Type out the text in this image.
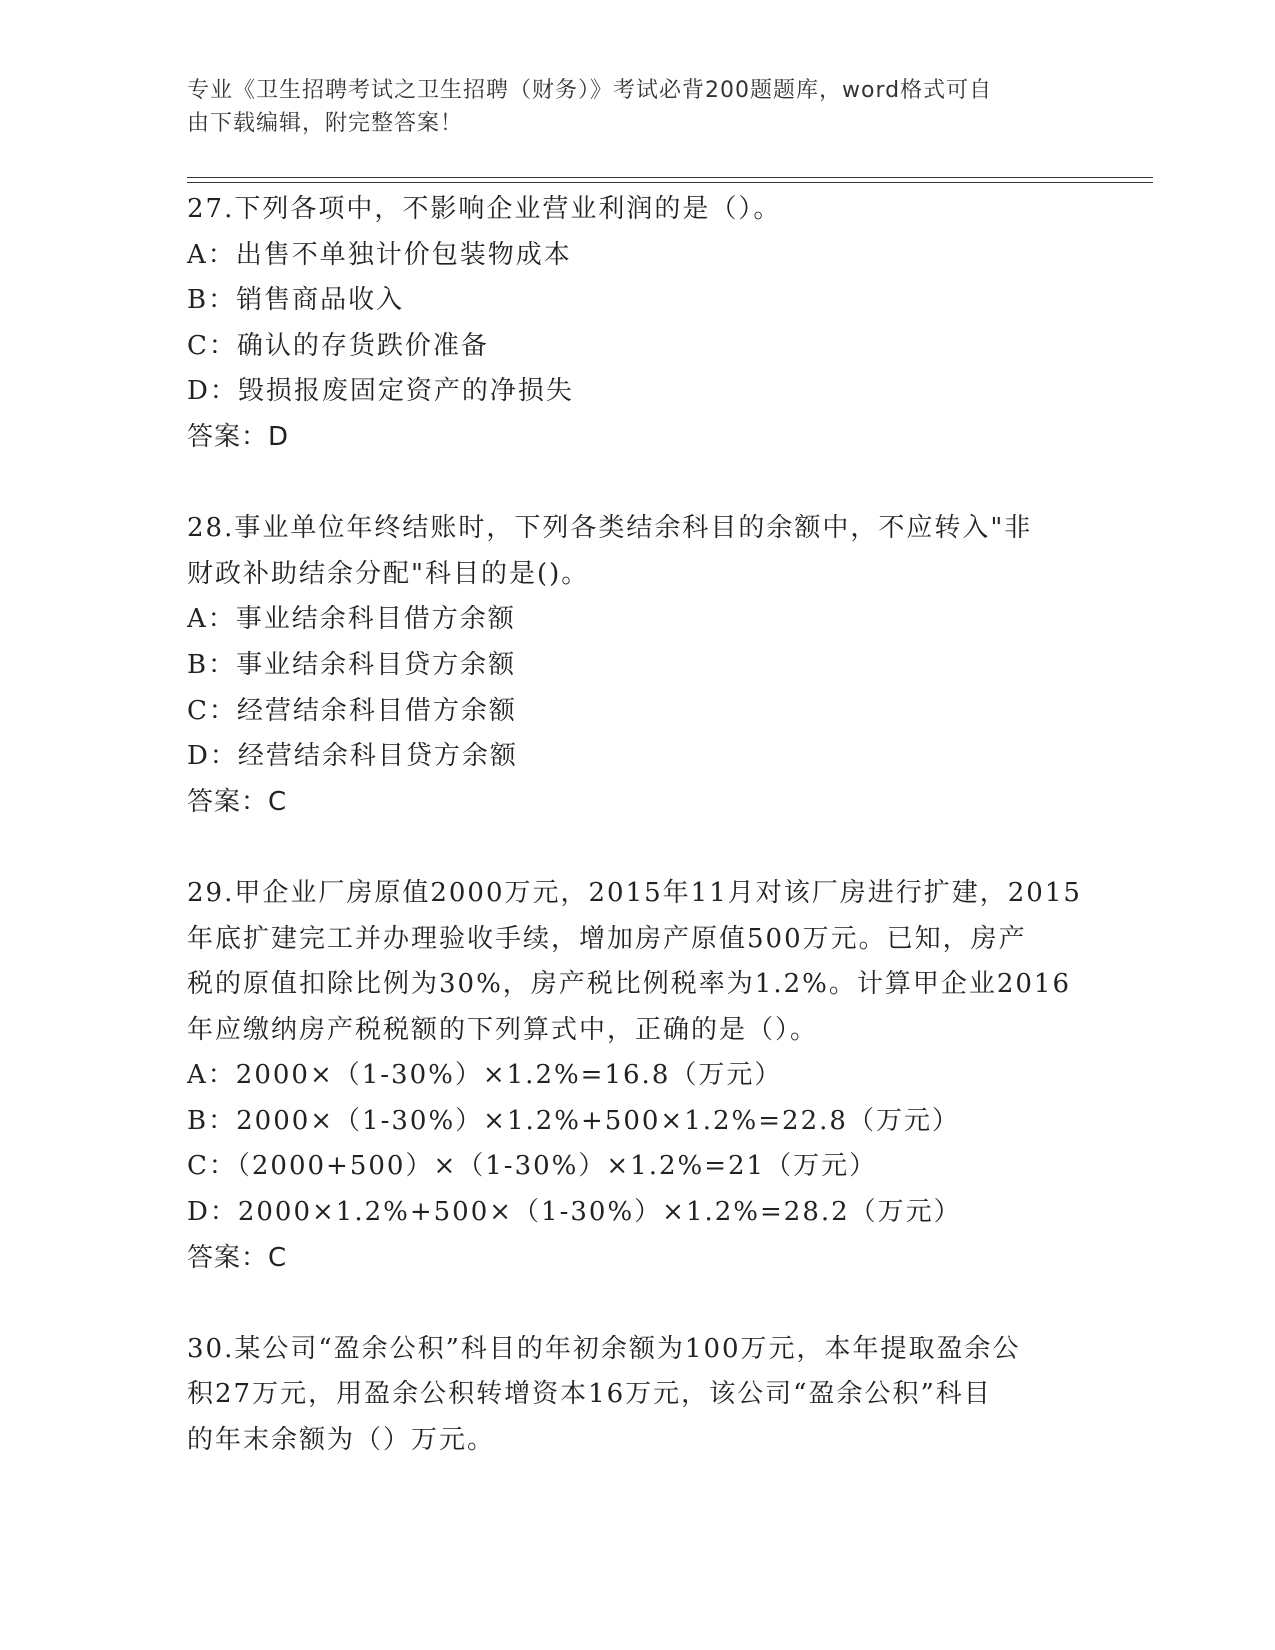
专业《卫生招聘考试之卫生招聘（财务）》考试必背200题题库，word格式可自
由下载编辑，附完整答案！
27.下列各项中，不影响企业营业利润的是（）。
A：出售不单独计价包装物成本
B：销售商品收入
C：确认的存货跌价准备
D：毁损报废固定资产的净损失
答案：D
28.事业单位年终结账时，下列各类结余科目的余额中，不应转入"非
财政补助结余分配"科目的是()。
A：事业结余科目借方余额
B：事业结余科目贷方余额
C：经营结余科目借方余额
D：经营结余科目贷方余额
答案：C
29.甲企业厂房原值2000万元，2015年11月对该厂房进行扩建，2015
年底扩建完工并办理验收手续，增加房产原值500万元。已知，房产
税的原值扣除比例为30%，房产税比例税率为1.2%。计算甲企业2016
年应缴纳房产税税额的下列算式中，正确的是（）。
A：2000×（1-30%）×1.2%=16.8（万元）
B：2000×（1-30%）×1.2%+500×1.2%=22.8（万元）
C：（2000+500）×（1-30%）×1.2%=21（万元）
D：2000×1.2%+500×（1-30%）×1.2%=28.2（万元）
答案：C
30.某公司“盈余公积”科目的年初余额为100万元，本年提取盈余公
积27万元，用盈余公积转增资本16万元，该公司“盈余公积”科目
的年末余额为（）万元。
